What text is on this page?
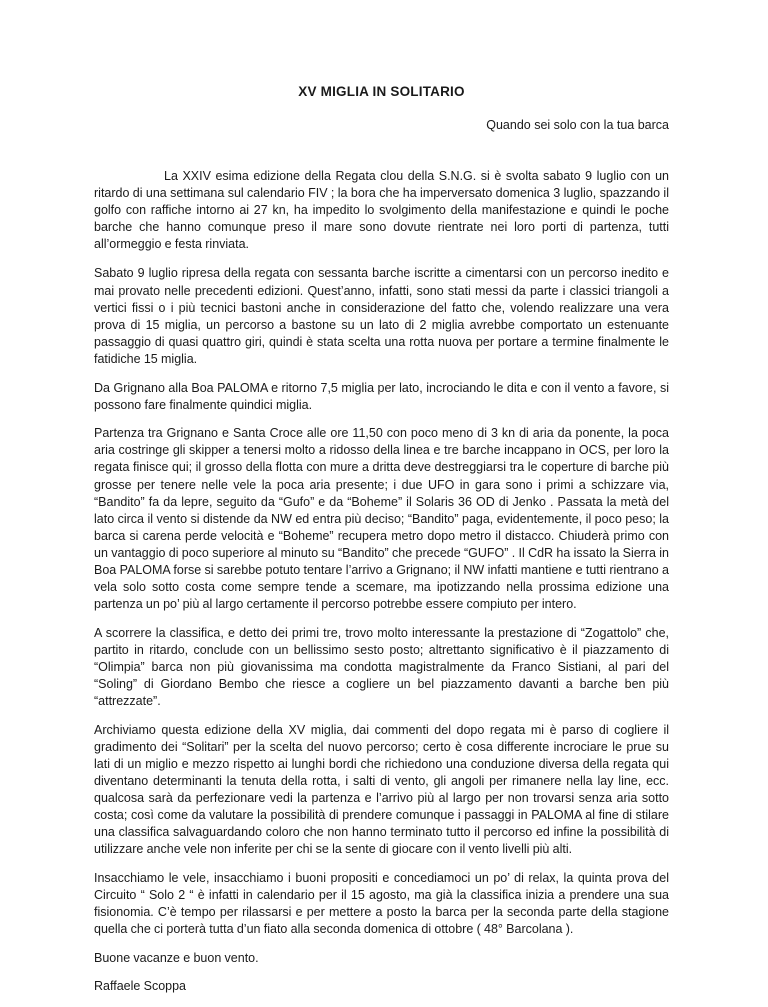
XV MIGLIA IN SOLITARIO
Quando sei solo con la tua barca

La XXIV esima edizione della Regata clou della S.N.G. si è svolta sabato 9 luglio con un ritardo di una settimana sul calendario FIV ; la bora che ha imperversato domenica 3 luglio, spazzando il golfo con raffiche intorno ai 27 kn, ha impedito lo svolgimento della manifestazione e quindi le poche barche che hanno comunque preso il mare sono dovute rientrate nei loro porti di partenza, tutti all’ormeggio e festa rinviata.

Sabato 9 luglio ripresa della regata con sessanta barche iscritte a cimentarsi con un percorso inedito e mai provato nelle precedenti edizioni. Quest’anno, infatti, sono stati messi da parte i classici triangoli a vertici fissi o i più tecnici bastoni anche in considerazione del fatto che, volendo realizzare una vera prova di 15 miglia, un percorso a bastone su un lato di 2 miglia avrebbe comportato un estenuante passaggio di quasi quattro giri, quindi è stata scelta una rotta nuova per portare a termine finalmente le fatidiche 15 miglia.

Da Grignano alla Boa PALOMA e ritorno 7,5 miglia per lato, incrociando le dita e con il vento a favore, si possono fare finalmente quindici miglia.

Partenza tra Grignano e Santa Croce alle ore 11,50 con poco meno di 3 kn di aria da ponente, la poca aria costringe gli skipper a tenersi molto a ridosso della linea e tre barche incappano in OCS, per loro la regata finisce qui; il grosso della flotta con mure a dritta deve destreggiarsi tra le coperture di barche più grosse per tenere nelle vele la poca aria presente; i due UFO in gara sono i primi a schizzare via, “Bandito” fa da lepre, seguito da “Gufo” e da “Boheme” il Solaris 36 OD di Jenko . Passata la metà del lato circa il vento si distende da NW ed entra più deciso; “Bandito” paga, evidentemente, il poco peso; la barca si carena perde velocità e “Boheme” recupera metro dopo metro il distacco. Chiuderà primo con un vantaggio di poco superiore al minuto su “Bandito” che precede “GUFO” . Il CdR ha issato la Sierra in Boa PALOMA forse si sarebbe potuto tentare l’arrivo a Grignano; il NW infatti mantiene e tutti rientrano a vela solo sotto costa come sempre tende a scemare, ma ipotizzando nella prossima edizione una partenza un po’ più al largo certamente il percorso potrebbe essere compiuto per intero.

A scorrere la classifica, e detto dei primi tre, trovo molto interessante la prestazione di “Zogattolo” che, partito in ritardo, conclude con un bellissimo sesto posto; altrettanto significativo è il piazzamento di “Olimpia” barca non più giovanissima ma condotta magistralmente da Franco Sistiani, al pari del “Soling” di Giordano Bembo che riesce a cogliere un bel piazzamento davanti a barche ben più “attrezzate”.

Archiviamo questa edizione della XV miglia, dai commenti del dopo regata mi è parso di cogliere il gradimento dei “Solitari” per la scelta del nuovo percorso; certo è cosa differente incrociare le prue su lati di un miglio e mezzo rispetto ai lunghi bordi che richiedono una conduzione diversa della regata qui diventano determinanti la tenuta della rotta, i salti di vento, gli angoli per rimanere nella lay line, ecc. qualcosa sarà da perfezionare vedi la partenza e l’arrivo più al largo per non trovarsi senza aria sotto costa; così come da valutare la possibilità di prendere comunque i passaggi in PALOMA al fine di stilare una classifica salvaguardando coloro che non hanno terminato tutto il percorso ed infine la possibilità di utilizzare anche vele non inferite per chi se la sente di giocare con il vento livelli più alti.

Insacchiamo le vele, insacchiamo i buoni propositi e concediamoci un po’ di relax, la quinta prova del Circuito “ Solo 2 “ è infatti in calendario per il 15 agosto, ma già la classifica inizia a prendere una sua fisionomia. C’è tempo per rilassarsi e per mettere a posto la barca per la seconda parte della stagione quella che ci porterà tutta d’un fiato alla seconda domenica di ottobre ( 48° Barcolana ).

Buone vacanze e buon vento.

Raffaele Scoppa
